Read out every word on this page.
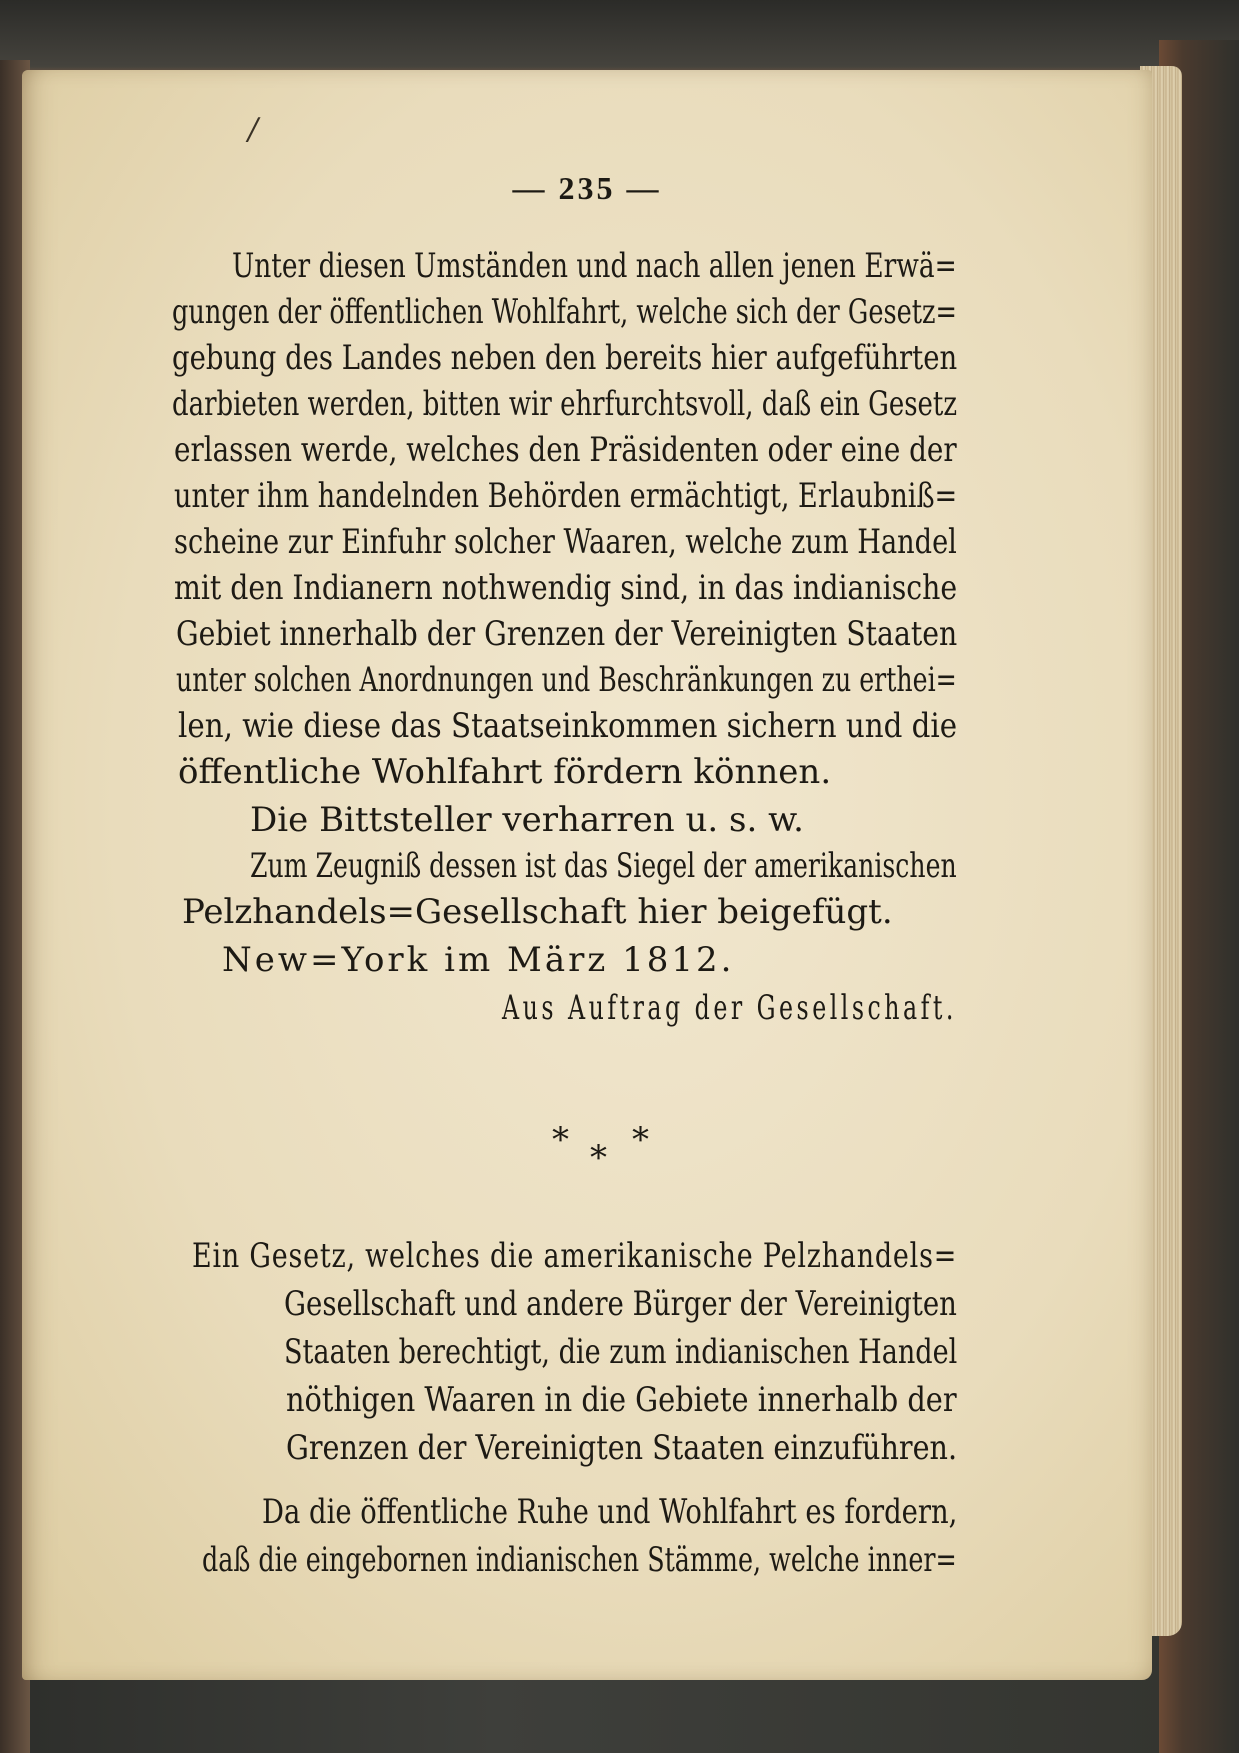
/
— 235 —
Unter diesen Umständen und nach allen jenen Erwä=
gungen der öffentlichen Wohlfahrt, welche sich der Gesetz=
gebung des Landes neben den bereits hier aufgeführten
darbieten werden, bitten wir ehrfurchtsvoll, daß ein Gesetz
erlassen werde, welches den Präsidenten oder eine der
unter ihm handelnden Behörden ermächtigt, Erlaubniß=
scheine zur Einfuhr solcher Waaren, welche zum Handel
mit den Indianern nothwendig sind, in das indianische
Gebiet innerhalb der Grenzen der Vereinigten Staaten
unter solchen Anordnungen und Beschränkungen zu erthei=
len, wie diese das Staatseinkommen sichern und die
öffentliche Wohlfahrt fördern können.
Die Bittsteller verharren u. s. w.
Zum Zeugniß dessen ist das Siegel der amerikanischen
Pelzhandels=Gesellschaft hier beigefügt.
New=York im März 1812.
Aus Auftrag der Gesellschaft.
* * *
Ein Gesetz, welches die amerikanische Pelzhandels=
Gesellschaft und andere Bürger der Vereinigten
Staaten berechtigt, die zum indianischen Handel
nöthigen Waaren in die Gebiete innerhalb der
Grenzen der Vereinigten Staaten einzuführen.
Da die öffentliche Ruhe und Wohlfahrt es fordern,
daß die eingebornen indianischen Stämme, welche inner=
